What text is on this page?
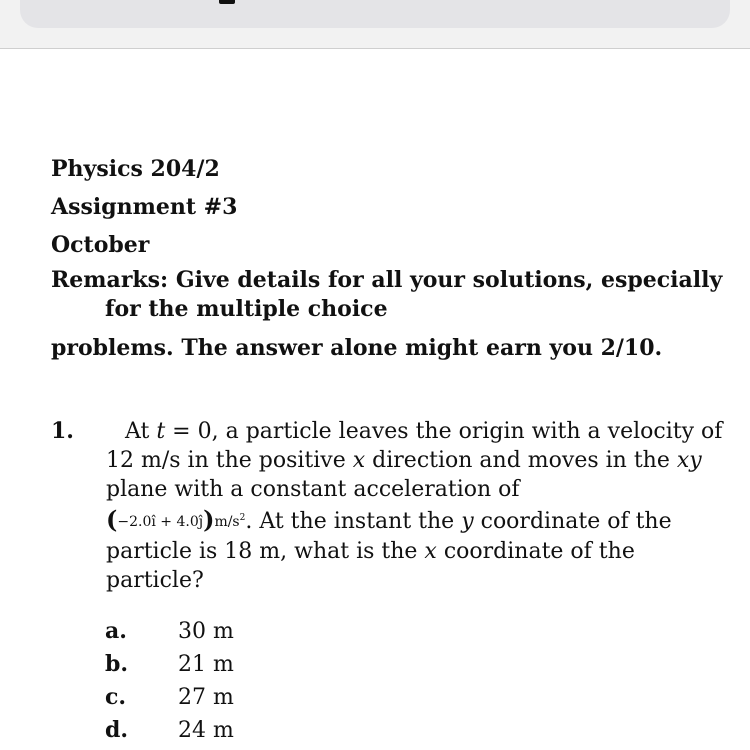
Physics 204/2
Assignment #3
October
Remarks: Give details for all your solutions, especially for the multiple choice
problems. The answer alone might earn you 2/10.
1.	At t = 0, a particle leaves the origin with a velocity of 12 m/s in the positive x direction and moves in the xy plane with a constant acceleration of
(−2.0î + $4.0ĵ)m/s^2$. At the instant the y coordinate of the particle is 18 m, what is the x coordinate of the particle?
a. 30 m
b. 21 m
c. 27 m
d. 24 m
